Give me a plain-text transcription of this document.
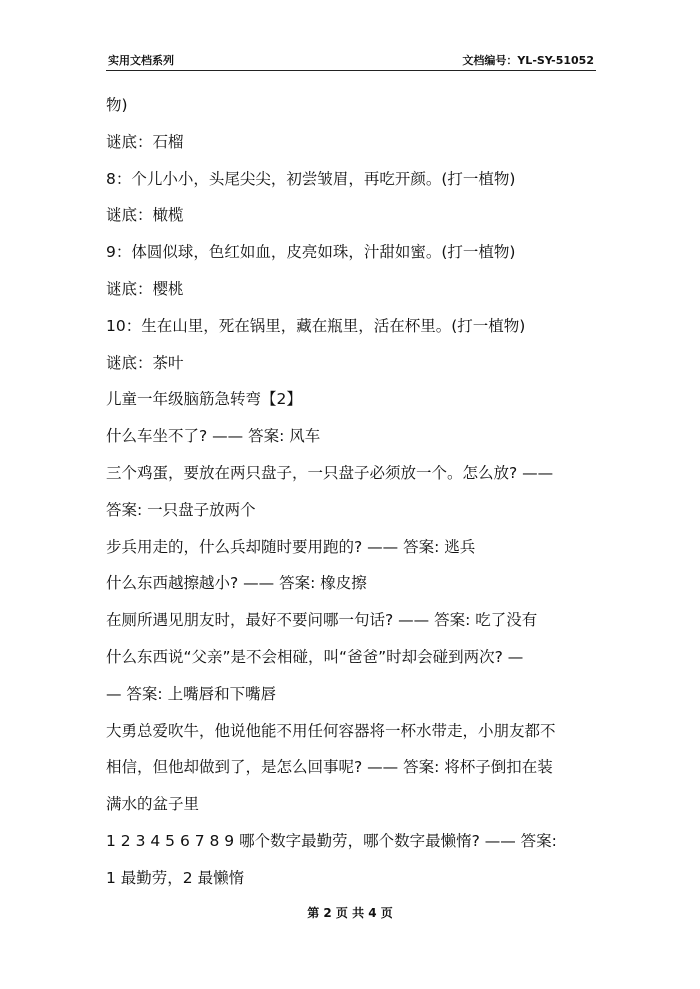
实用文档系列	文档编号：YL-SY-51052
物)
谜底：石榴
8：个儿小小，头尾尖尖，初尝皱眉，再吃开颜。(打一植物)
谜底：橄榄
9：体圆似球，色红如血，皮亮如珠，汁甜如蜜。(打一植物)
谜底：樱桃
10：生在山里，死在锅里，藏在瓶里，活在杯里。(打一植物)
谜底：茶叶
儿童一年级脑筋急转弯【2】
什么车坐不了? —— 答案: 风车
三个鸡蛋，要放在两只盘子，一只盘子必须放一个。怎么放? ——
答案: 一只盘子放两个
步兵用走的，什么兵却随时要用跑的? —— 答案: 逃兵
什么东西越擦越小? —— 答案: 橡皮擦
在厕所遇见朋友时，最好不要问哪一句话? —— 答案: 吃了没有
什么东西说“父亲”是不会相碰，叫“爸爸”时却会碰到两次? —
— 答案: 上嘴唇和下嘴唇
大勇总爱吹牛，他说他能不用任何容器将一杯水带走，小朋友都不
相信，但他却做到了，是怎么回事呢? —— 答案: 将杯子倒扣在装
满水的盆子里
1 2 3 4 5 6 7 8 9 哪个数字最勤劳，哪个数字最懒惰? —— 答案:
1 最勤劳，2 最懒惰
第 2 页 共 4 页
